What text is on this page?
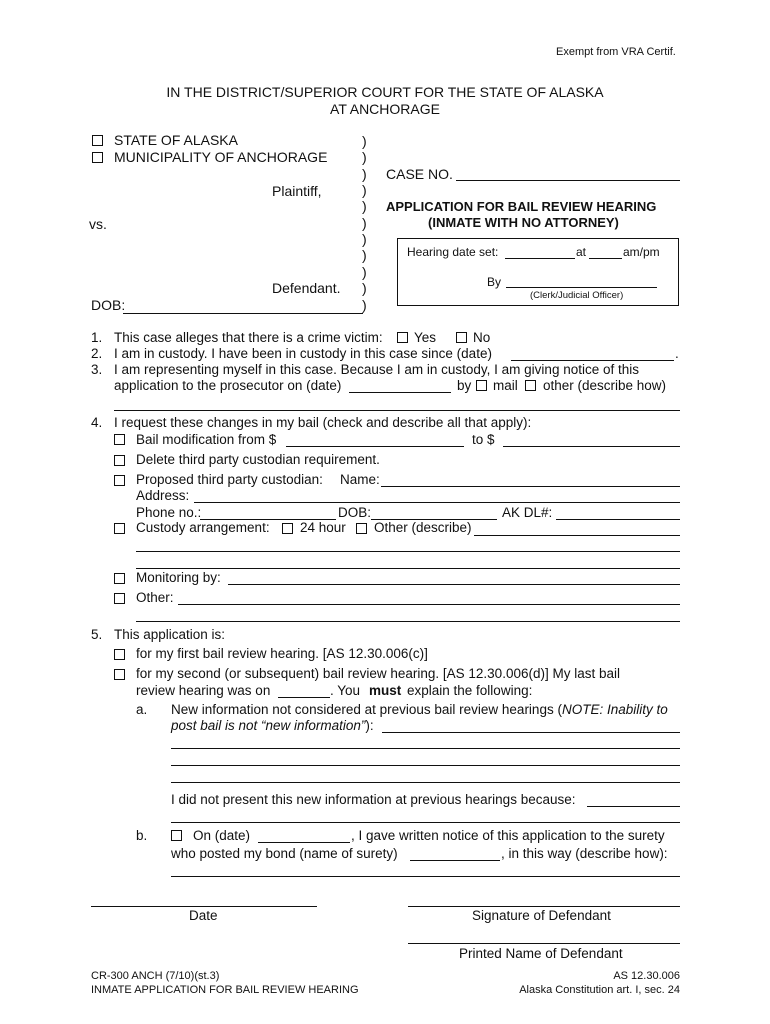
Exempt from VRA Certif.
IN THE DISTRICT/SUPERIOR COURT FOR THE STATE OF ALASKA
AT ANCHORAGE
STATE OF ALASKA
MUNICIPALITY OF ANCHORAGE
Plaintiff,
vs.
Defendant.
DOB:
)
)
)
)
)
)
)
)
)
)
)
CASE NO.
APPLICATION FOR BAIL REVIEW HEARING
(INMATE WITH NO ATTORNEY)
Hearing date set:	at	am/pm
By
(Clerk/Judicial Officer)
1. This case alleges that there is a crime victim: Yes	No
2. I am in custody. I have been in custody in this case since (date)	.
3. I am representing myself in this case. Because I am in custody, I am giving notice of this
application to the prosecutor on (date)	by mail other (describe how)
4. I request these changes in my bail (check and describe all that apply):
Bail modification from $	to $
Delete third party custodian requirement.
Proposed third party custodian: Name:
Address:
Phone no.:	DOB:	AK DL#:
Custody arrangement: 24 hour Other (describe)
Monitoring by:
Other:
5. This application is:
for my first bail review hearing. [AS 12.30.006(c)]
for my second (or subsequent) bail review hearing. [AS 12.30.006(d)] My last bail
review hearing was on	. You must explain the following:
a. New information not considered at previous bail review hearings (NOTE: Inability to
post bail is not “new information”):
I did not present this new information at previous hearings because:
b.	On (date)	, I gave written notice of this application to the surety
who posted my bond (name of surety)	, in this way (describe how):
Date	Signature of Defendant
Printed Name of Defendant
CR-300 ANCH (7/10)(st.3)
INMATE APPLICATION FOR BAIL REVIEW HEARING
AS 12.30.006
Alaska Constitution art. I, sec. 24
